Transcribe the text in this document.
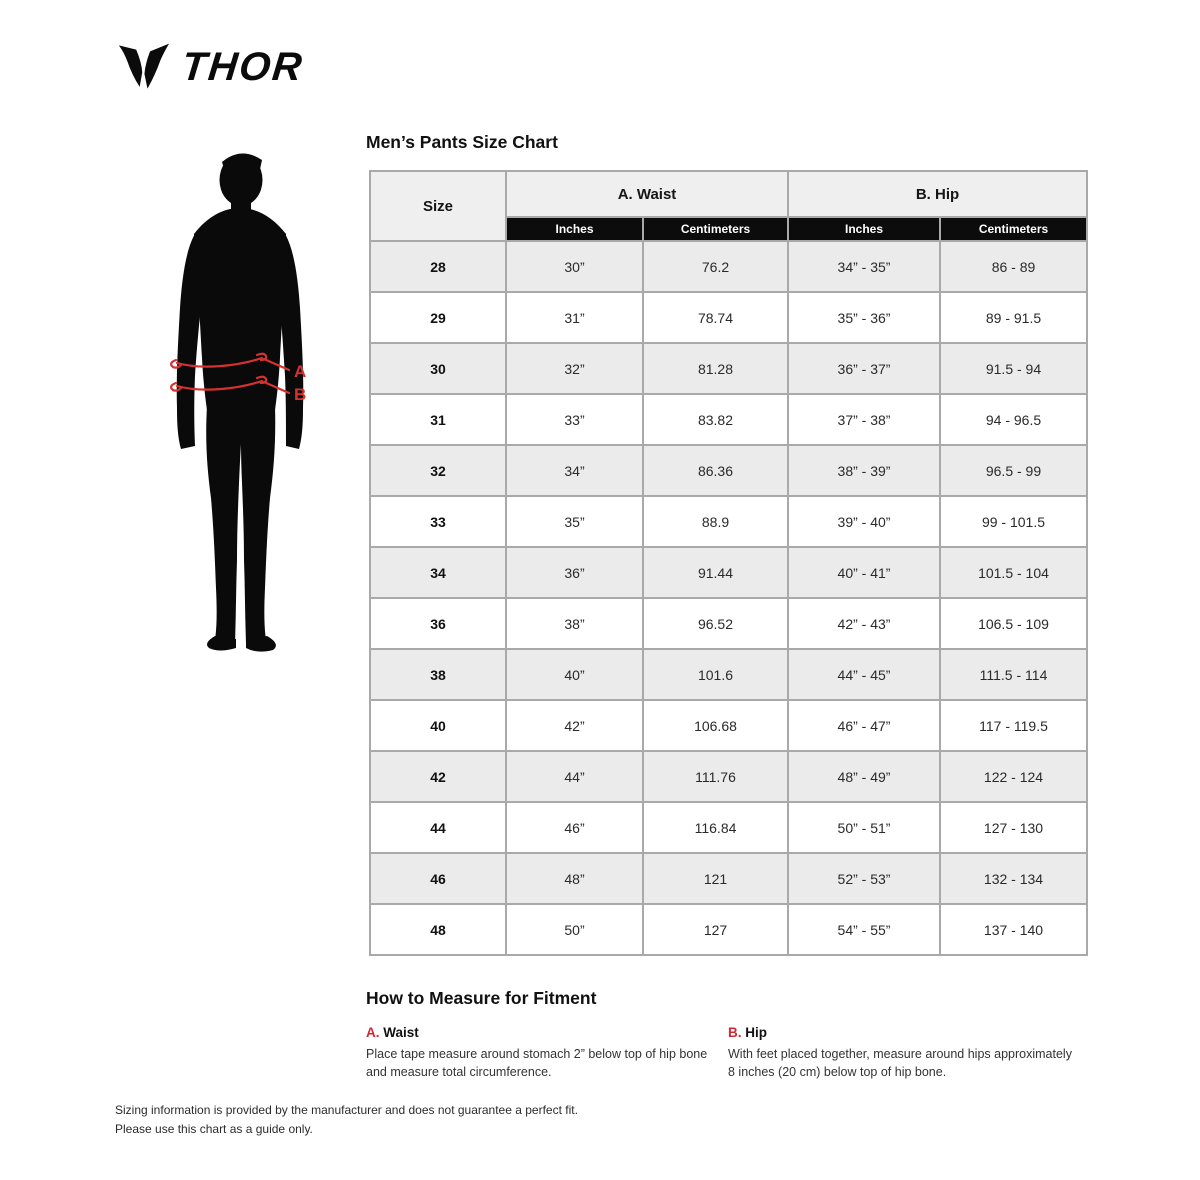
THOR
A
B
Men’s Pants Size Chart
Size	A. Waist		B. Hip	
	Inches	Centimeters	Inches	Centimeters
28	30”	76.2	34” - 35”	86 - 89
29	31”	78.74	35” - 36”	89 - 91.5
30	32”	81.28	36” - 37”	91.5 - 94
31	33”	83.82	37” - 38”	94 - 96.5
32	34”	86.36	38” - 39”	96.5 - 99
33	35”	88.9	39” - 40”	99 - 101.5
34	36”	91.44	40” - 41”	101.5 - 104
36	38”	96.52	42” - 43”	106.5 - 109
38	40”	101.6	44” - 45”	111.5 - 114
40	42”	106.68	46” - 47”	117 - 119.5
42	44”	111.76	48” - 49”	122 - 124
44	46”	116.84	50” - 51”	127 - 130
46	48”	121	52” - 53”	132 - 134
48	50”	127	54” - 55”	137 - 140
How to Measure for Fitment
A. Waist

Place tape measure around stomach 2” below top of hip bone and measure total circumference.

B. Hip

With feet placed together, measure around hips approximately 8 inches (20 cm) below top of hip bone.

Sizing information is provided by the manufacturer and does not guarantee a perfect fit.

Please use this chart as a guide only.
